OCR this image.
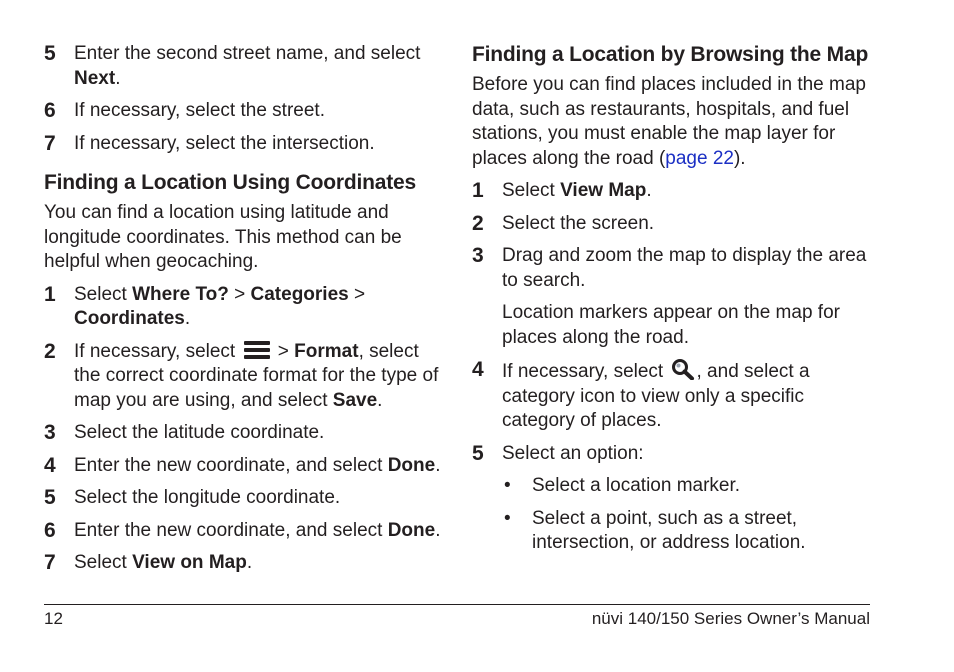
5 Enter the second street name, and select Next.
6 If necessary, select the street.
7 If necessary, select the intersection.
Finding a Location Using Coordinates
You can find a location using latitude and longitude coordinates. This method can be helpful when geocaching.
1 Select Where To? > Categories > Coordinates.
2 If necessary, select  > Format, select the correct coordinate format for the type of map you are using, and select Save.
3 Select the latitude coordinate.
4 Enter the new coordinate, and select Done.
5 Select the longitude coordinate.
6 Enter the new coordinate, and select Done.
7 Select View on Map.
Finding a Location by Browsing the Map
Before you can find places included in the map data, such as restaurants, hospitals, and fuel stations, you must enable the map layer for places along the road (page 22).
1 Select View Map.
2 Select the screen.
3 Drag and zoom the map to display the area to search.
Location markers appear on the map for places along the road.
4 If necessary, select , and select a category icon to view only a specific category of places.
5 Select an option:
•	Select a location marker.
•	Select a point, such as a street, intersection, or address location.
12	nüvi 140/150 Series Owner’s Manual
